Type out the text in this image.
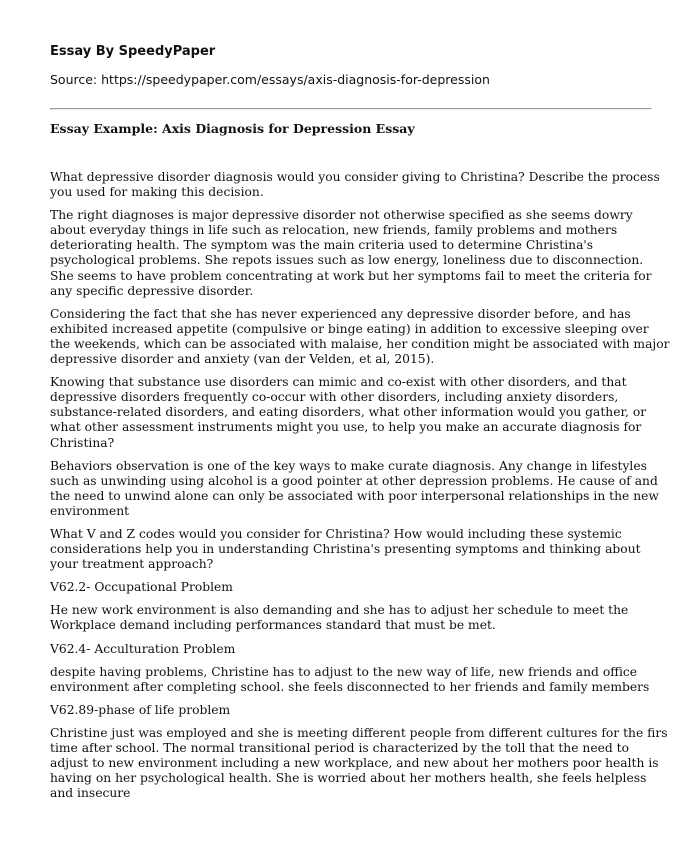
Essay By SpeedyPaper

Source: https://speedypaper.com/essays/axis-diagnosis-for-depression

Essay Example: Axis Diagnosis for Depression Essay

What depressive disorder diagnosis would you consider giving to Christina? Describe the process you used for making this decision.

The right diagnoses is major depressive disorder not otherwise specified as she seems dowry about everyday things in life such as relocation, new friends, family problems and mothers deteriorating health. The symptom was the main criteria used to determine Christina's psychological problems. She repots issues such as low energy, loneliness due to disconnection. She seems to have problem concentrating at work but her symptoms fail to meet the criteria for any specific depressive disorder.

Considering the fact that she has never experienced any depressive disorder before, and has exhibited increased appetite (compulsive or binge eating) in addition to excessive sleeping over the weekends, which can be associated with malaise, her condition might be associated with major depressive disorder and anxiety (van der Velden, et al, 2015).

Knowing that substance use disorders can mimic and co-exist with other disorders, and that depressive disorders frequently co-occur with other disorders, including anxiety disorders, substance-related disorders, and eating disorders, what other information would you gather, or what other assessment instruments might you use, to help you make an accurate diagnosis for Christina?

Behaviors observation is one of the key ways to make curate diagnosis. Any change in lifestyles such as unwinding using alcohol is a good pointer at other depression problems. He cause of and the need to unwind alone can only be associated with poor interpersonal relationships in the new environment

What V and Z codes would you consider for Christina? How would including these systemic considerations help you in understanding Christina's presenting symptoms and thinking about your treatment approach?

V62.2- Occupational Problem

He new work environment is also demanding and she has to adjust her schedule to meet the Workplace demand including performances standard that must be met.

V62.4- Acculturation Problem

despite having problems, Christine has to adjust to the new way of life, new friends and office environment after completing school. she feels disconnected to her friends and family members

V62.89-phase of life problem

Christine just was employed and she is meeting different people from different cultures for the firs time after school. The normal transitional period is characterized by the toll that the need to adjust to new environment including a new workplace, and new about her mothers poor health is having on her psychological health. She is worried about her mothers health, she feels helpless and insecure
